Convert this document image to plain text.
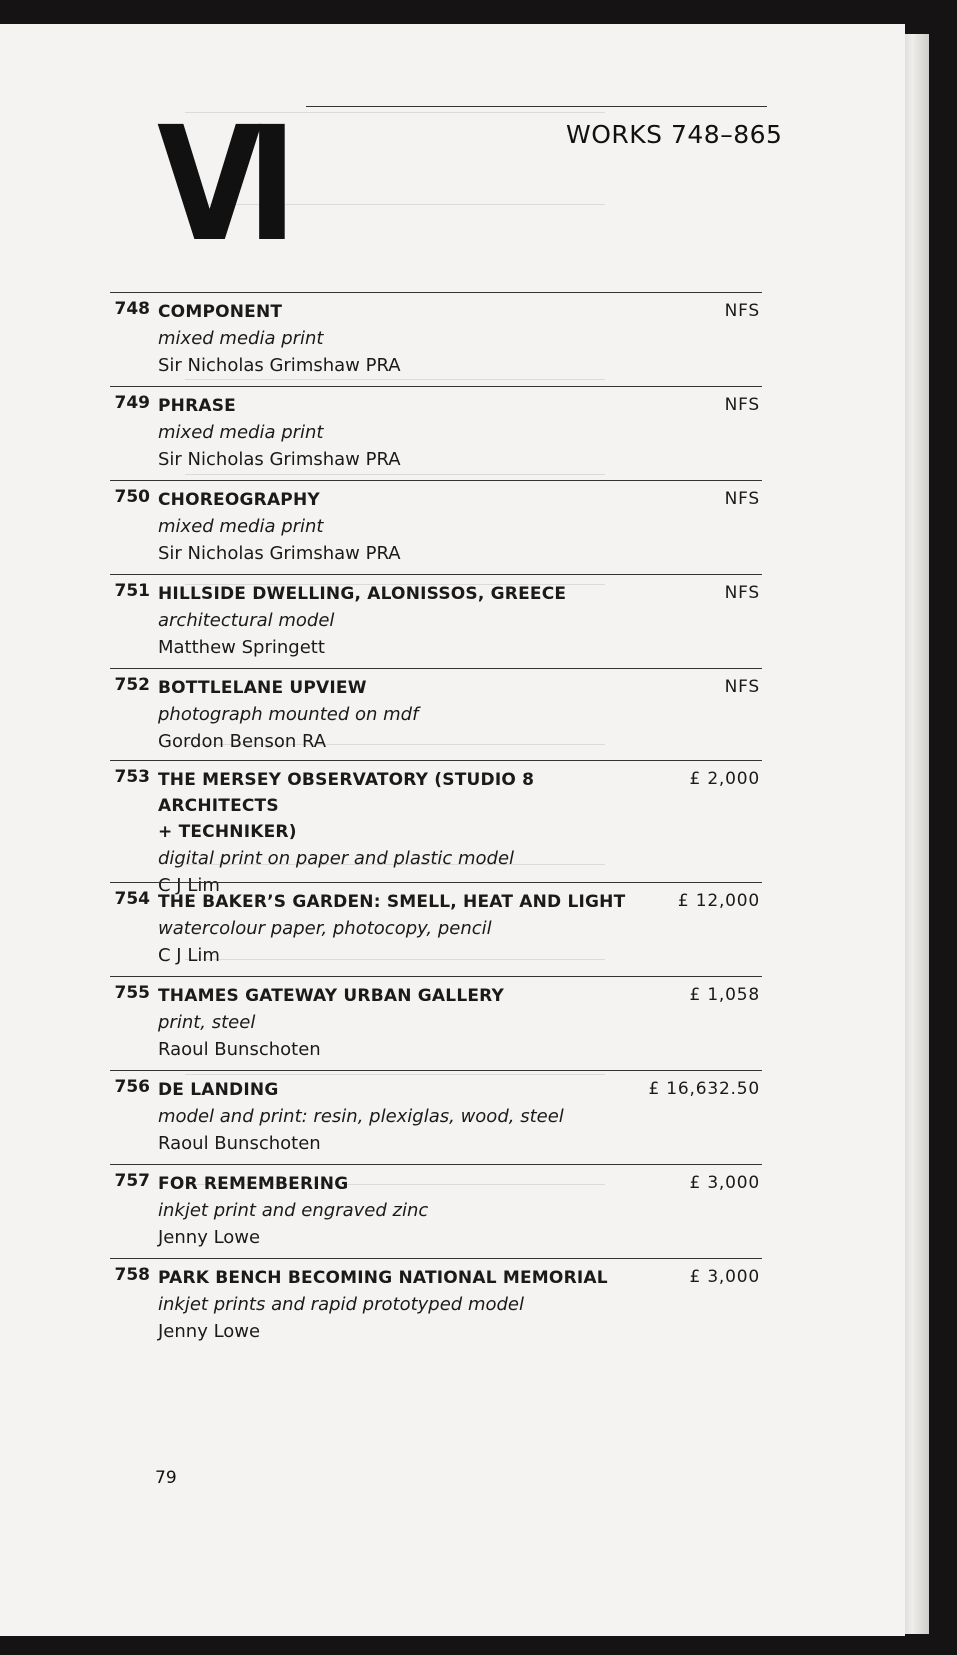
VI	WORKS 748–865
748 COMPONENT
mixed media print
Sir Nicholas Grimshaw PRA
NFS
749 PHRASE
mixed media print
Sir Nicholas Grimshaw PRA
NFS
750 CHOREOGRAPHY
mixed media print
Sir Nicholas Grimshaw PRA
NFS
751 HILLSIDE DWELLING, ALONISSOS, GREECE
architectural model
Matthew Springett
NFS
752 BOTTLELANE UPVIEW
photograph mounted on mdf
Gordon Benson RA
NFS
753 THE MERSEY OBSERVATORY (STUDIO 8 ARCHITECTS
+ TECHNIKER)
digital print on paper and plastic model
C J Lim
£ 2,000
754 THE BAKER’S GARDEN: SMELL, HEAT AND LIGHT
watercolour paper, photocopy, pencil
C J Lim
£ 12,000
755 THAMES GATEWAY URBAN GALLERY
print, steel
Raoul Bunschoten
£ 1,058
756 DE LANDING
model and print: resin, plexiglas, wood, steel
Raoul Bunschoten
£ 16,632.50
757 FOR REMEMBERING
inkjet print and engraved zinc
Jenny Lowe
£ 3,000
758 PARK BENCH BECOMING NATIONAL MEMORIAL
inkjet prints and rapid prototyped model
Jenny Lowe
£ 3,000
79
